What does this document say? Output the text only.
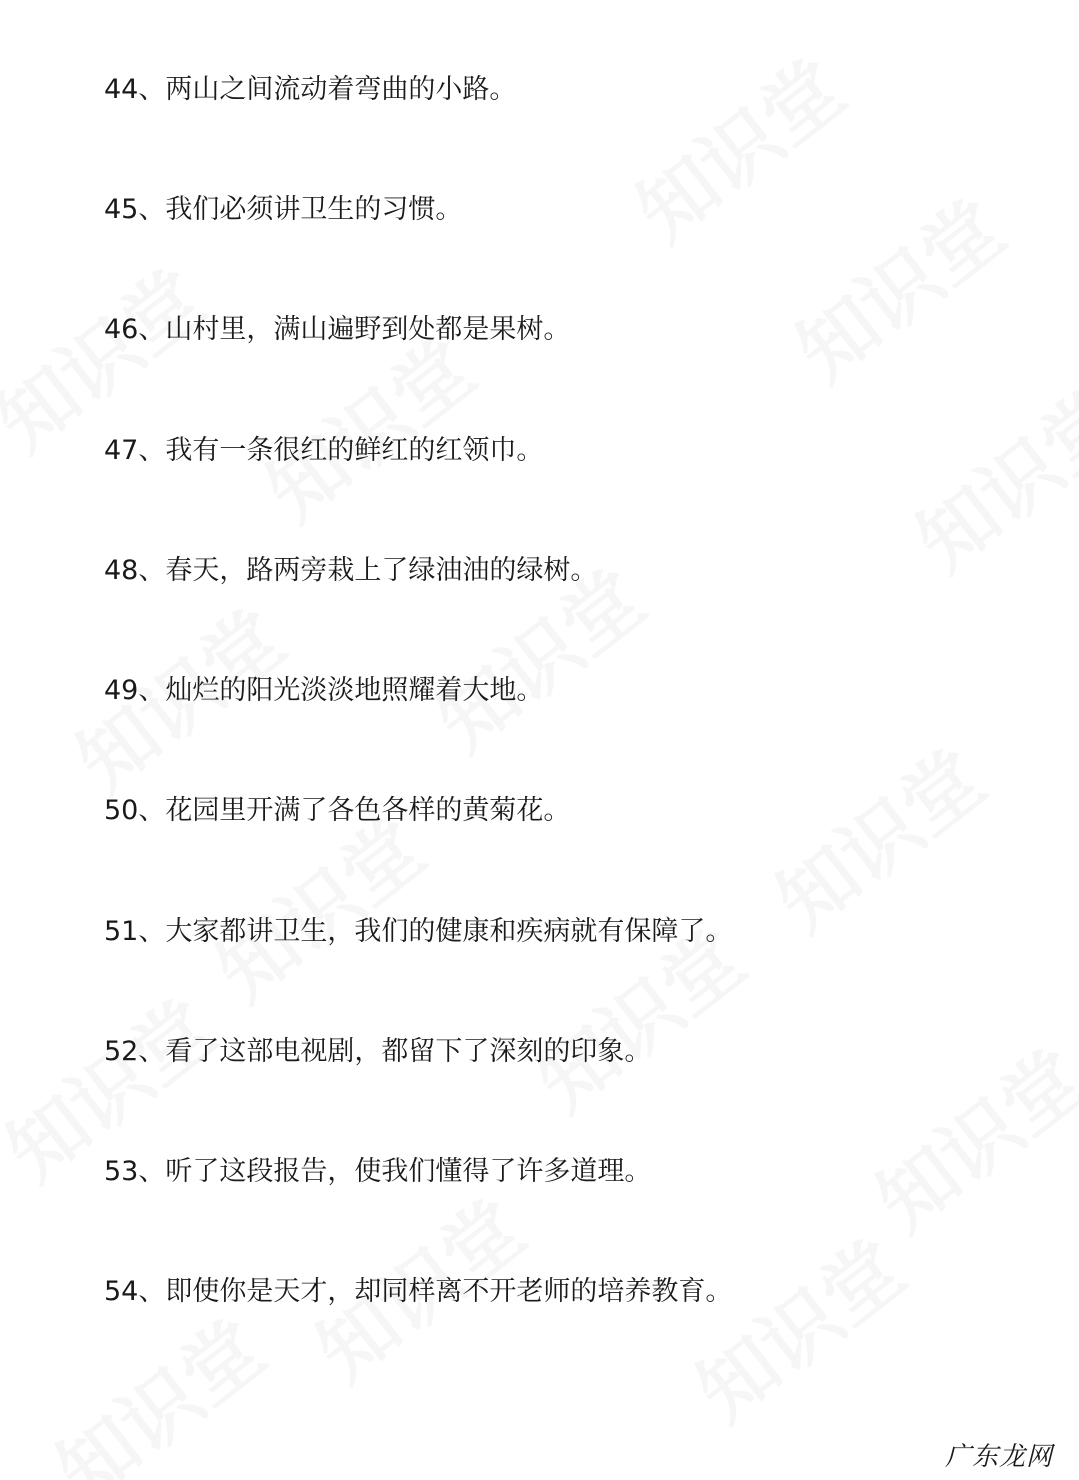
44、两山之间流动着弯曲的小路。

45、我们必须讲卫生的习惯。

46、山村里，满山遍野到处都是果树。

47、我有一条很红的鲜红的红领巾。

48、春天，路两旁栽上了绿油油的绿树。

49、灿烂的阳光淡淡地照耀着大地。

50、花园里开满了各色各样的黄菊花。

51、大家都讲卫生，我们的健康和疾病就有保障了。

52、看了这部电视剧，都留下了深刻的印象。

53、听了这段报告，使我们懂得了许多道理。

54、即使你是天才，却同样离不开老师的培养教育。

广东龙网
